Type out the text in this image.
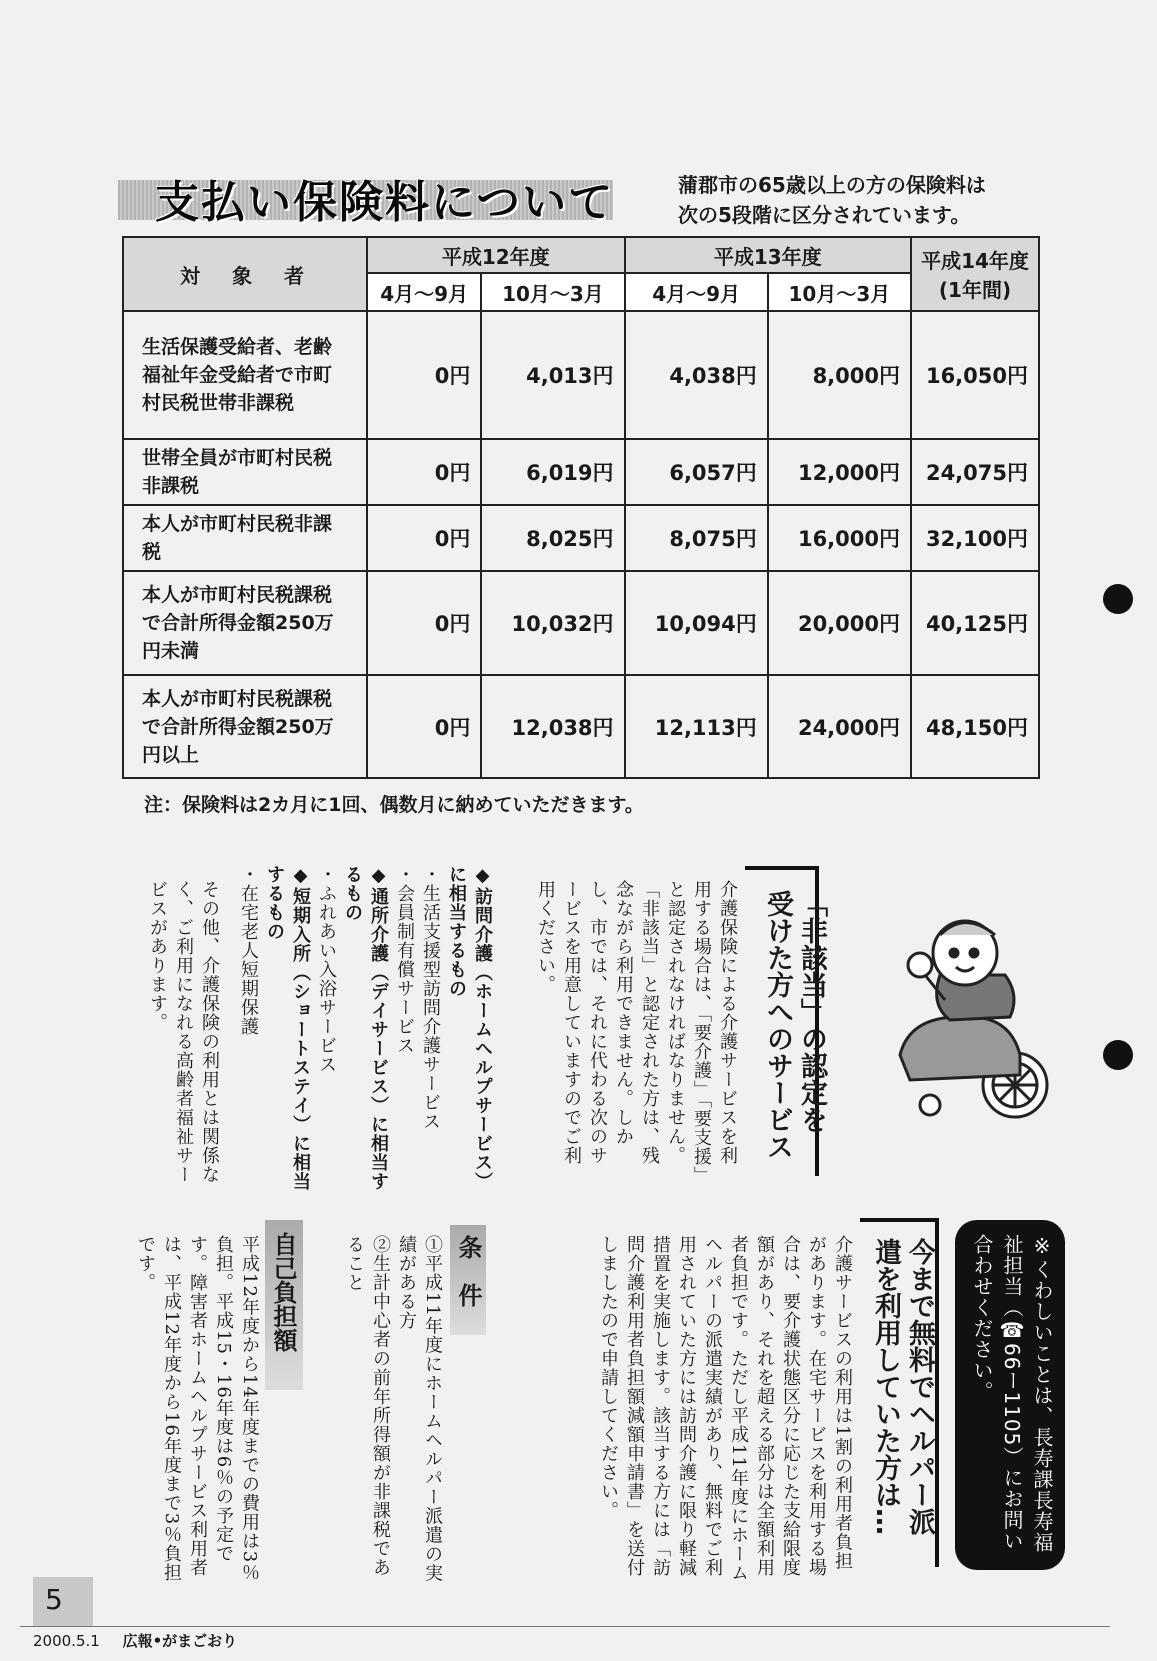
支払い保険料について	蒲郡市の65歳以上の方の保険料は
次の5段階に区分されています。
対　象　者	平成12年度		平成13年度		平成14年度
(1年間)

	4月〜9月	10月〜3月	4月〜9月	10月〜3月	
生活保護受給者、老齢福祉年金受給者で市町村民税世帯非課税	0円	4,013円	4,038円	8,000円	16,050円
世帯全員が市町村民税非課税	0円	6,019円	6,057円	12,000円	24,075円
本人が市町村民税非課税	0円	8,025円	8,075円	16,000円	32,100円
本人が市町村民税課税で合計所得金額250万円未満	0円	10,032円	10,094円	20,000円	40,125円
本人が市町村民税課税で合計所得金額250万円以上	0円	12,038円	12,113円	24,000円	48,150円
注：保険料は2カ月に1回、偶数月に納めていただきます。
「非該当」の認定を
受けた方へのサービス
介護保険による介護サービスを利用する場合は、「要介護」「要支援」と認定されなければなりません。「非該当」と認定された方は、残念ながら利用できません。しかし、市では、それに代わる次のサービスを用意していますのでご利用ください。
◆訪問介護（ホームヘルプサービス）に相当するもの
・生活支援型訪問介護サービス
・会員制有償サービス
◆通所介護（デイサービス）に相当するもの
・ふれあい入浴サービス
◆短期入所（ショートステイ）に相当するもの
・在宅老人短期保護
その他、介護保険の利用とは関係なく、ご利用になれる高齢者福祉サービスがあります。
※くわしいことは、長寿課長寿福祉担当（☎66ー1105）にお問い合わせください。
今まで無料でヘルパー派
遣を利用していた方は…
介護サービスの利用は1割の利用者負担があります。在宅サービスを利用する場合は、要介護状態区分に応じた支給限度額があり、それを超える部分は全額利用者負担です。ただし平成11年度にホームヘルパーの派遣実績があり、無料でご利用されていた方には訪問介護に限り軽減措置を実施します。該当する方には「訪問介護利用者負担額減額申請書」を送付しましたので申請してください。
条　件
①平成11年度にホームヘルパー派遣の実績がある方
②生計中心者の前年所得額が非課税であること
自己負担額
平成12年度から14年度までの費用は3％負担。平成15・16年度は6％の予定です。障害者ホームヘルプサービス利用者は、平成12年度から16年度まで3％負担です。
5
2000.5.1 広報•がまごおり
